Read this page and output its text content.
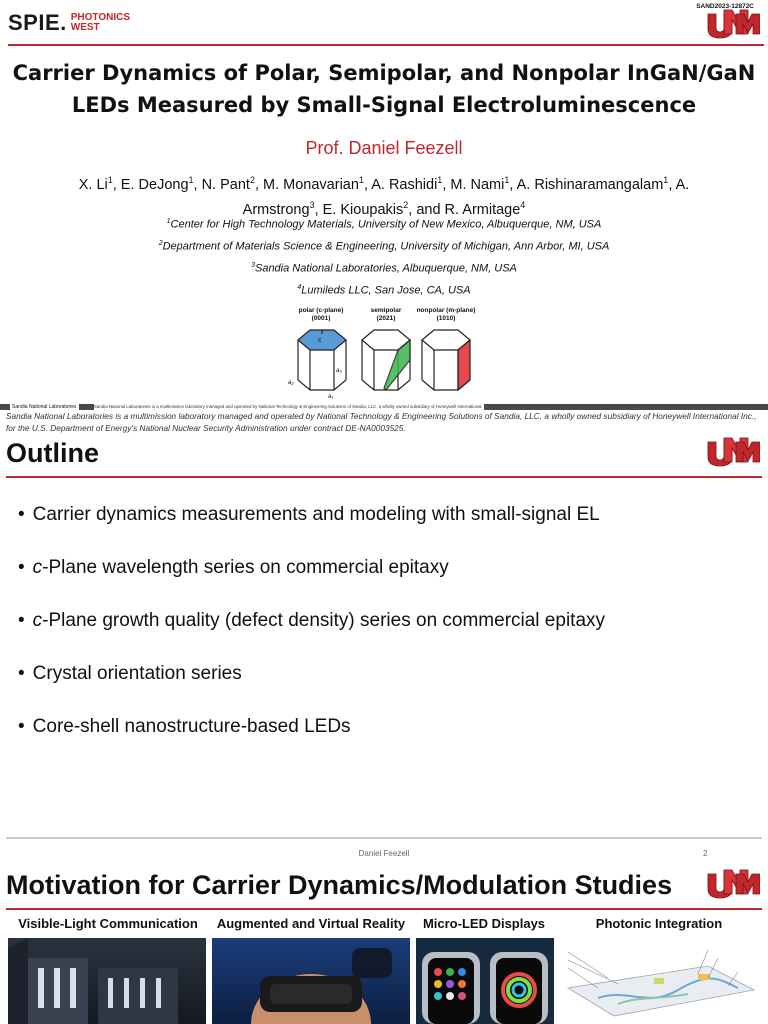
SPIE. PHOTONICS
WEST
SAND2023-12872C
Carrier Dynamics of Polar, Semipolar, and Nonpolar InGaN/GaN
LEDs Measured by Small-Signal Electroluminescence
Prof. Daniel Feezell
X. Li$^1$, E. DeJong$^1$, N. Pant$^2$, M. Monavarian$^1$, A. Rashidi$^1$, M. Nami$^1$, A. Rishinaramangalam$^1$, A.
Armstrong$^3$, E. Kioupakis$^2$, and R. Armitage$^4$
$^1$Center for High Technology Materials, University of New Mexico, Albuquerque, NM, USA
$^2$Department of Materials Science & Engineering, University of Michigan, Ann Arbor, MI, USA
$^3$Sandia National Laboratories, Albuquerque, NM, USA
$^4$Lumileds LLC, San Jose, CA, USA
polar (c-plane)
(0001)
semipolar
(2021)
nonpolar (m-plane)
(1010)
c
a₂
a₃
a₁
Sandia National Laboratories	Sandia National Laboratories is a multimission laboratory managed and operated by National Technology & Engineering Solutions of Sandia, LLC, a wholly owned subsidiary of Honeywell International
Sandia National Laboratories is a multimission laboratory managed and operated by National Technology & Engineering Solutions of Sandia, LLC, a wholly owned subsidiary of Honeywell International Inc., for the U.S. Department of Energy's National Nuclear Security Administration under contract DE-NA0003525.
Outline
• Carrier dynamics measurements and modeling with small-signal EL
• c-Plane wavelength series on commercial epitaxy
• c-Plane growth quality (defect density) series on commercial epitaxy
• Crystal orientation series
• Core-shell nanostructure-based LEDs
Daniel Feezell	2
Motivation for Carrier Dynamics/Modulation Studies
Visible-Light Communication	Augmented and Virtual Reality	Micro-LED Displays	Photonic Integration
